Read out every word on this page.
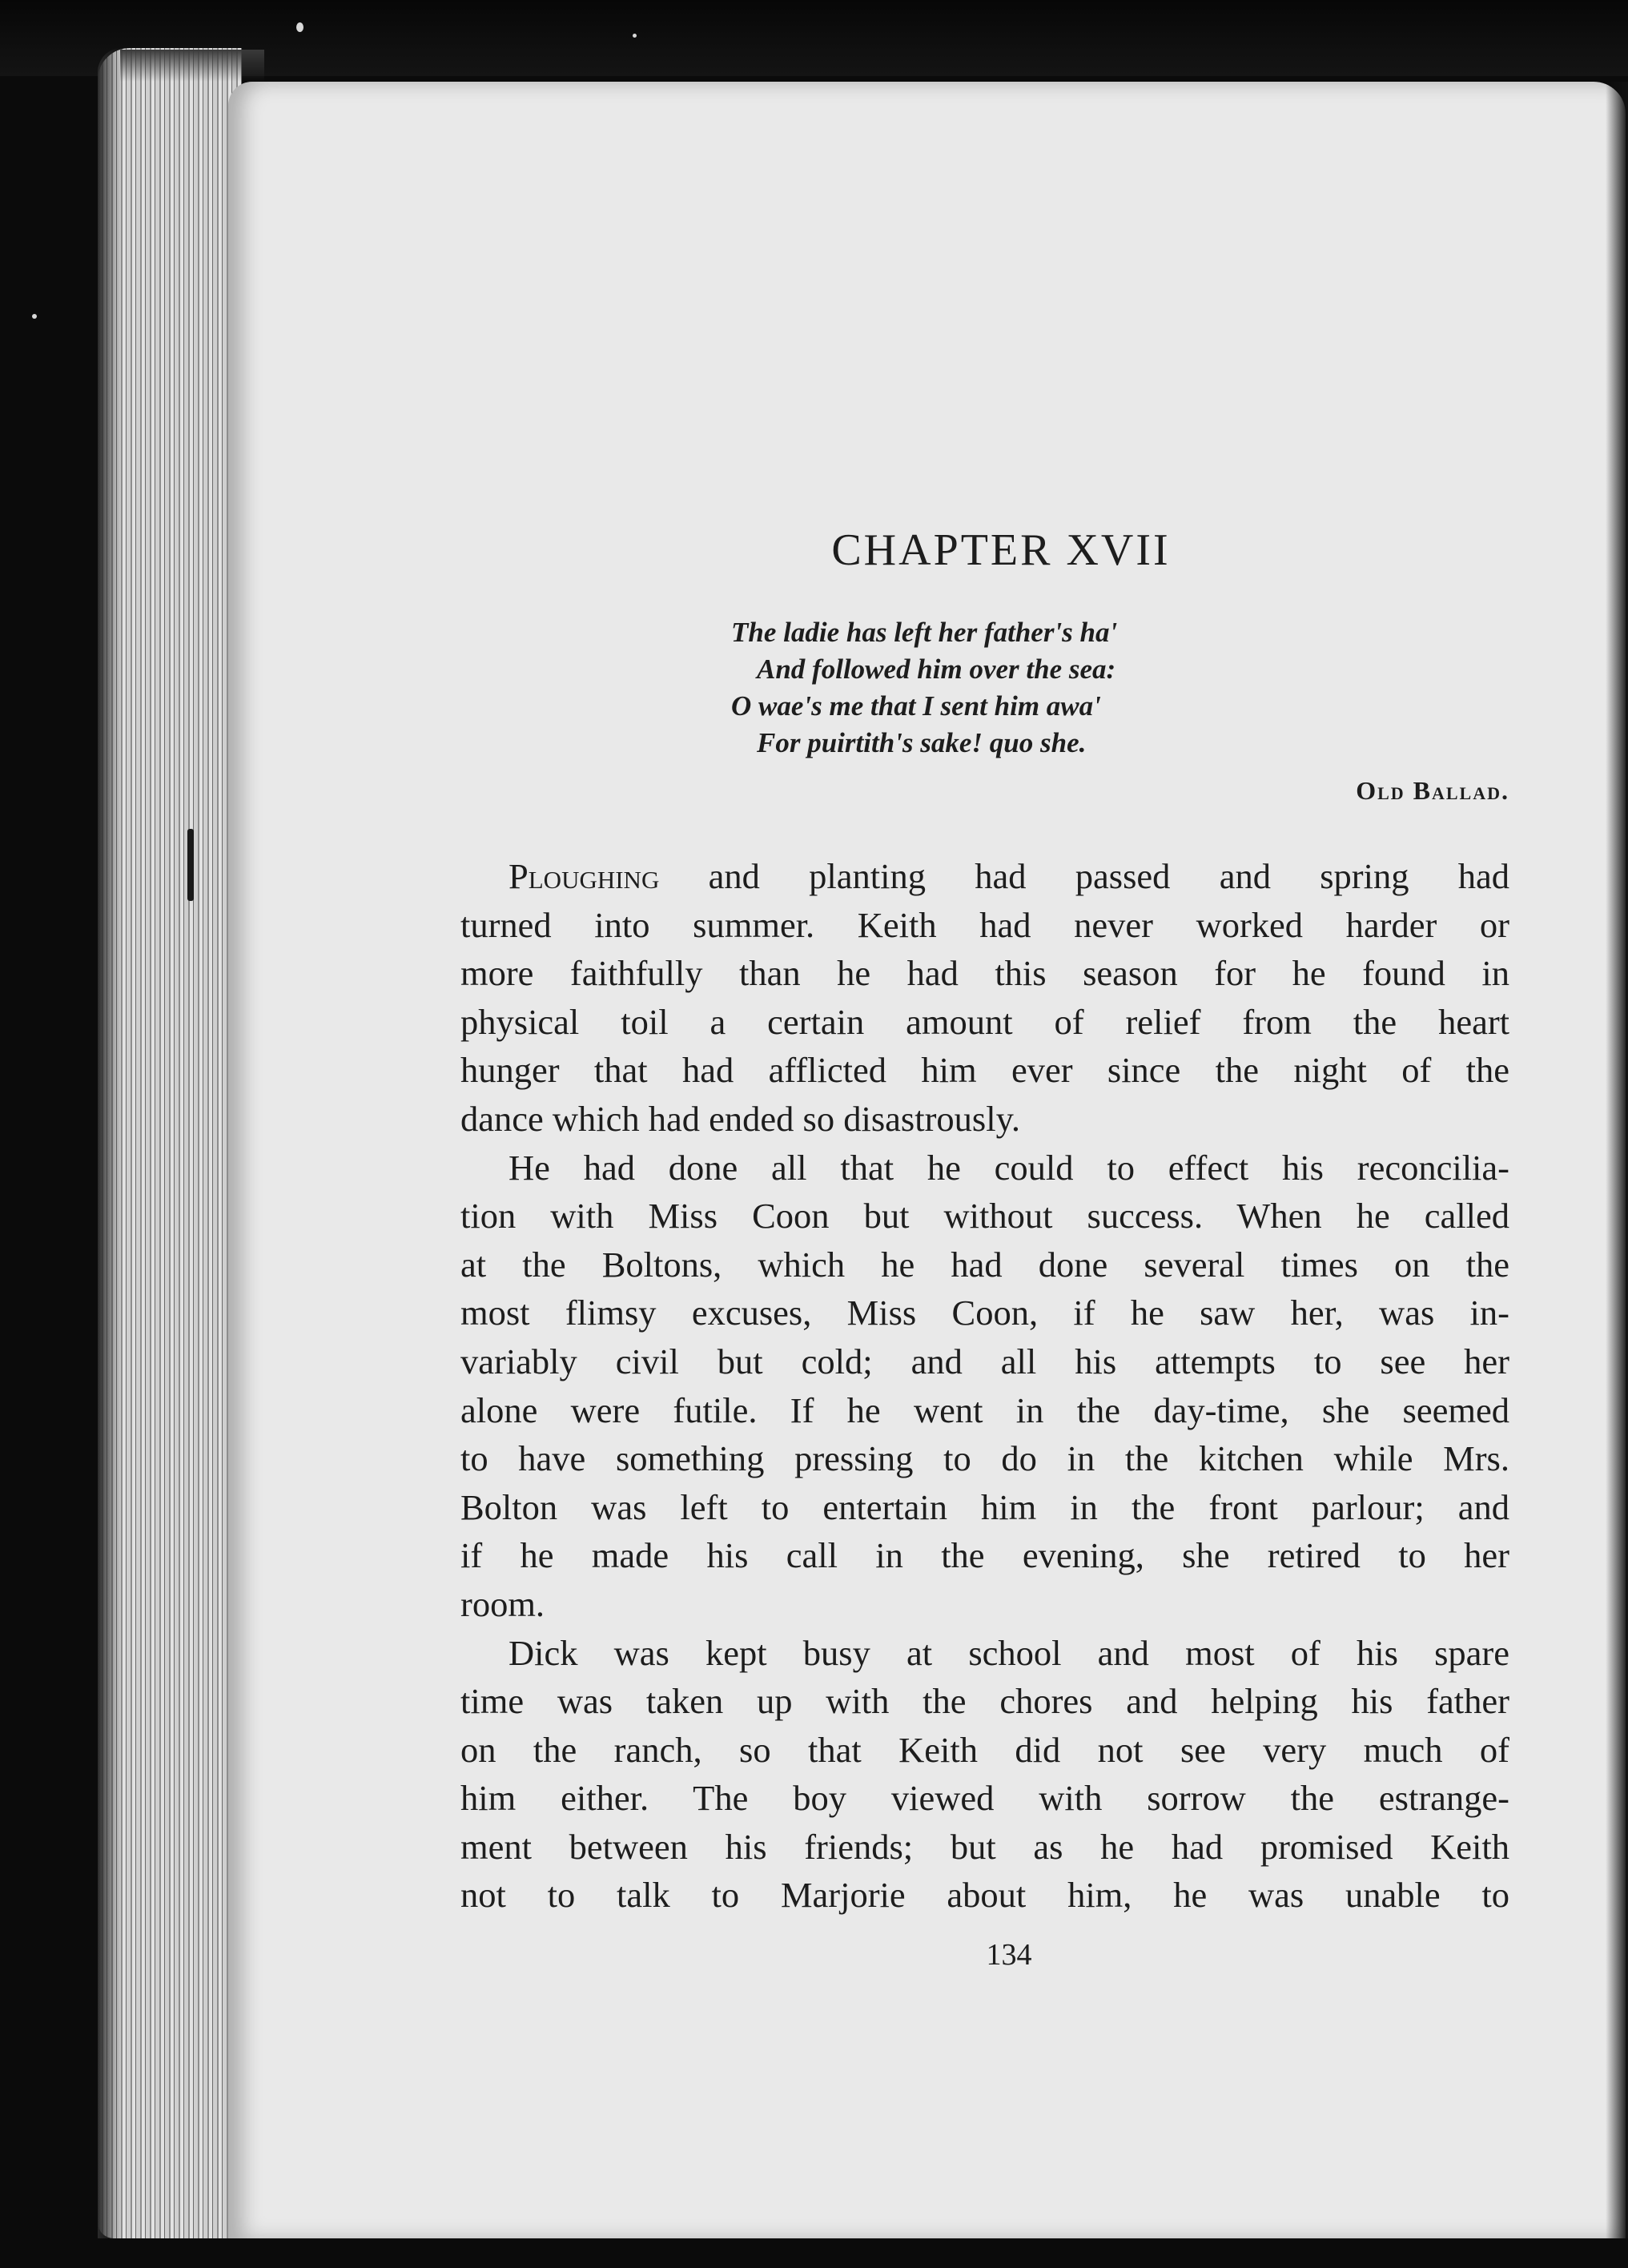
CHAPTER XVII
The ladie has left her father's ha'
And followed him over the sea:
O wae's me that I sent him awa'
For puirtith's sake! quo she.

Old Ballad.

Ploughing and planting had passed and spring had
turned into summer. Keith had never worked harder or
more faithfully than he had this season for he found in
physical toil a certain amount of relief from the heart
hunger that had afflicted him ever since the night of the
dance which had ended so disastrously.
He had done all that he could to effect his reconcilia-
tion with Miss Coon but without success. When he called
at the Boltons, which he had done several times on the
most flimsy excuses, Miss Coon, if he saw her, was in-
variably civil but cold; and all his attempts to see her
alone were futile. If he went in the day-time, she seemed
to have something pressing to do in the kitchen while Mrs.
Bolton was left to entertain him in the front parlour; and
if he made his call in the evening, she retired to her
room.
Dick was kept busy at school and most of his spare
time was taken up with the chores and helping his father
on the ranch, so that Keith did not see very much of
him either. The boy viewed with sorrow the estrange-
ment between his friends; but as he had promised Keith
not to talk to Marjorie about him, he was unable to
134
